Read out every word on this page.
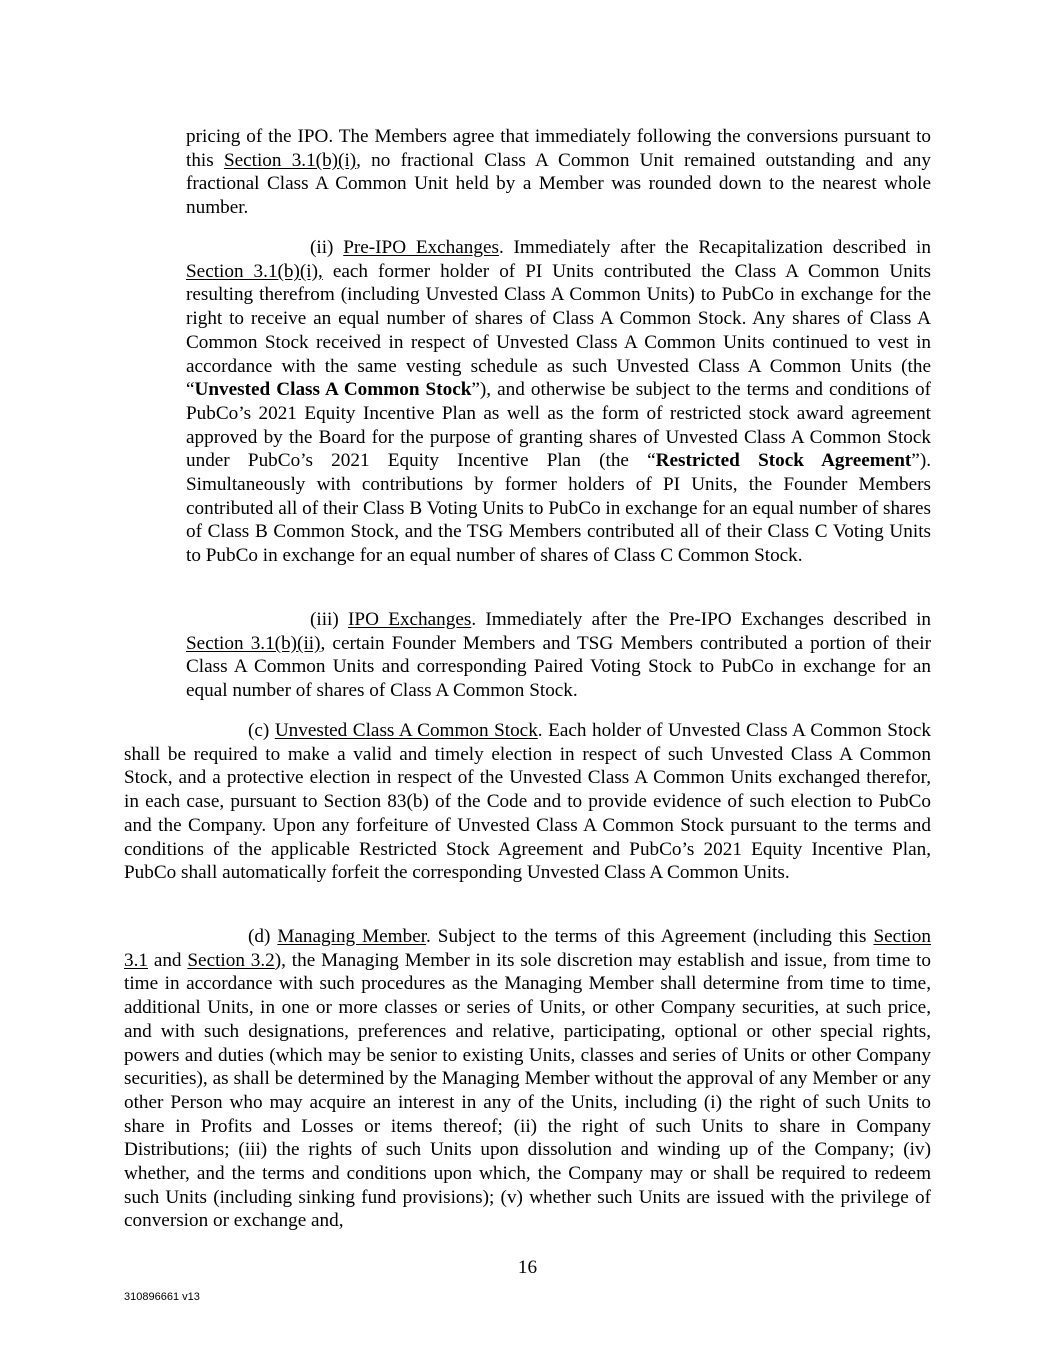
pricing of the IPO. The Members agree that immediately following the conversions pursuant to this Section 3.1(b)(i), no fractional Class A Common Unit remained outstanding and any fractional Class A Common Unit held by a Member was rounded down to the nearest whole number.

(ii) Pre-IPO Exchanges. Immediately after the Recapitalization described in Section 3.1(b)(i), each former holder of PI Units contributed the Class A Common Units resulting therefrom (including Unvested Class A Common Units) to PubCo in exchange for the right to receive an equal number of shares of Class A Common Stock. Any shares of Class A Common Stock received in respect of Unvested Class A Common Units continued to vest in accordance with the same vesting schedule as such Unvested Class A Common Units (the “Unvested Class A Common Stock”), and otherwise be subject to the terms and conditions of PubCo’s 2021 Equity Incentive Plan as well as the form of restricted stock award agreement approved by the Board for the purpose of granting shares of Unvested Class A Common Stock under PubCo’s 2021 Equity Incentive Plan (the “Restricted Stock Agreement”). Simultaneously with contributions by former holders of PI Units, the Founder Members contributed all of their Class B Voting Units to PubCo in exchange for an equal number of shares of Class B Common Stock, and the TSG Members contributed all of their Class C Voting Units to PubCo in exchange for an equal number of shares of Class C Common Stock.

(iii) IPO Exchanges. Immediately after the Pre-IPO Exchanges described in Section 3.1(b)(ii), certain Founder Members and TSG Members contributed a portion of their Class A Common Units and corresponding Paired Voting Stock to PubCo in exchange for an equal number of shares of Class A Common Stock.

(c) Unvested Class A Common Stock. Each holder of Unvested Class A Common Stock shall be required to make a valid and timely election in respect of such Unvested Class A Common Stock, and a protective election in respect of the Unvested Class A Common Units exchanged therefor, in each case, pursuant to Section 83(b) of the Code and to provide evidence of such election to PubCo and the Company. Upon any forfeiture of Unvested Class A Common Stock pursuant to the terms and conditions of the applicable Restricted Stock Agreement and PubCo’s 2021 Equity Incentive Plan, PubCo shall automatically forfeit the corresponding Unvested Class A Common Units.

(d) Managing Member. Subject to the terms of this Agreement (including this Section 3.1 and Section 3.2), the Managing Member in its sole discretion may establish and issue, from time to time in accordance with such procedures as the Managing Member shall determine from time to time, additional Units, in one or more classes or series of Units, or other Company securities, at such price, and with such designations, preferences and relative, participating, optional or other special rights, powers and duties (which may be senior to existing Units, classes and series of Units or other Company securities), as shall be determined by the Managing Member without the approval of any Member or any other Person who may acquire an interest in any of the Units, including (i) the right of such Units to share in Profits and Losses or items thereof; (ii) the right of such Units to share in Company Distributions; (iii) the rights of such Units upon dissolution and winding up of the Company; (iv) whether, and the terms and conditions upon which, the Company may or shall be required to redeem such Units (including sinking fund provisions); (v) whether such Units are issued with the privilege of conversion or exchange and,

16
310896661 v13
